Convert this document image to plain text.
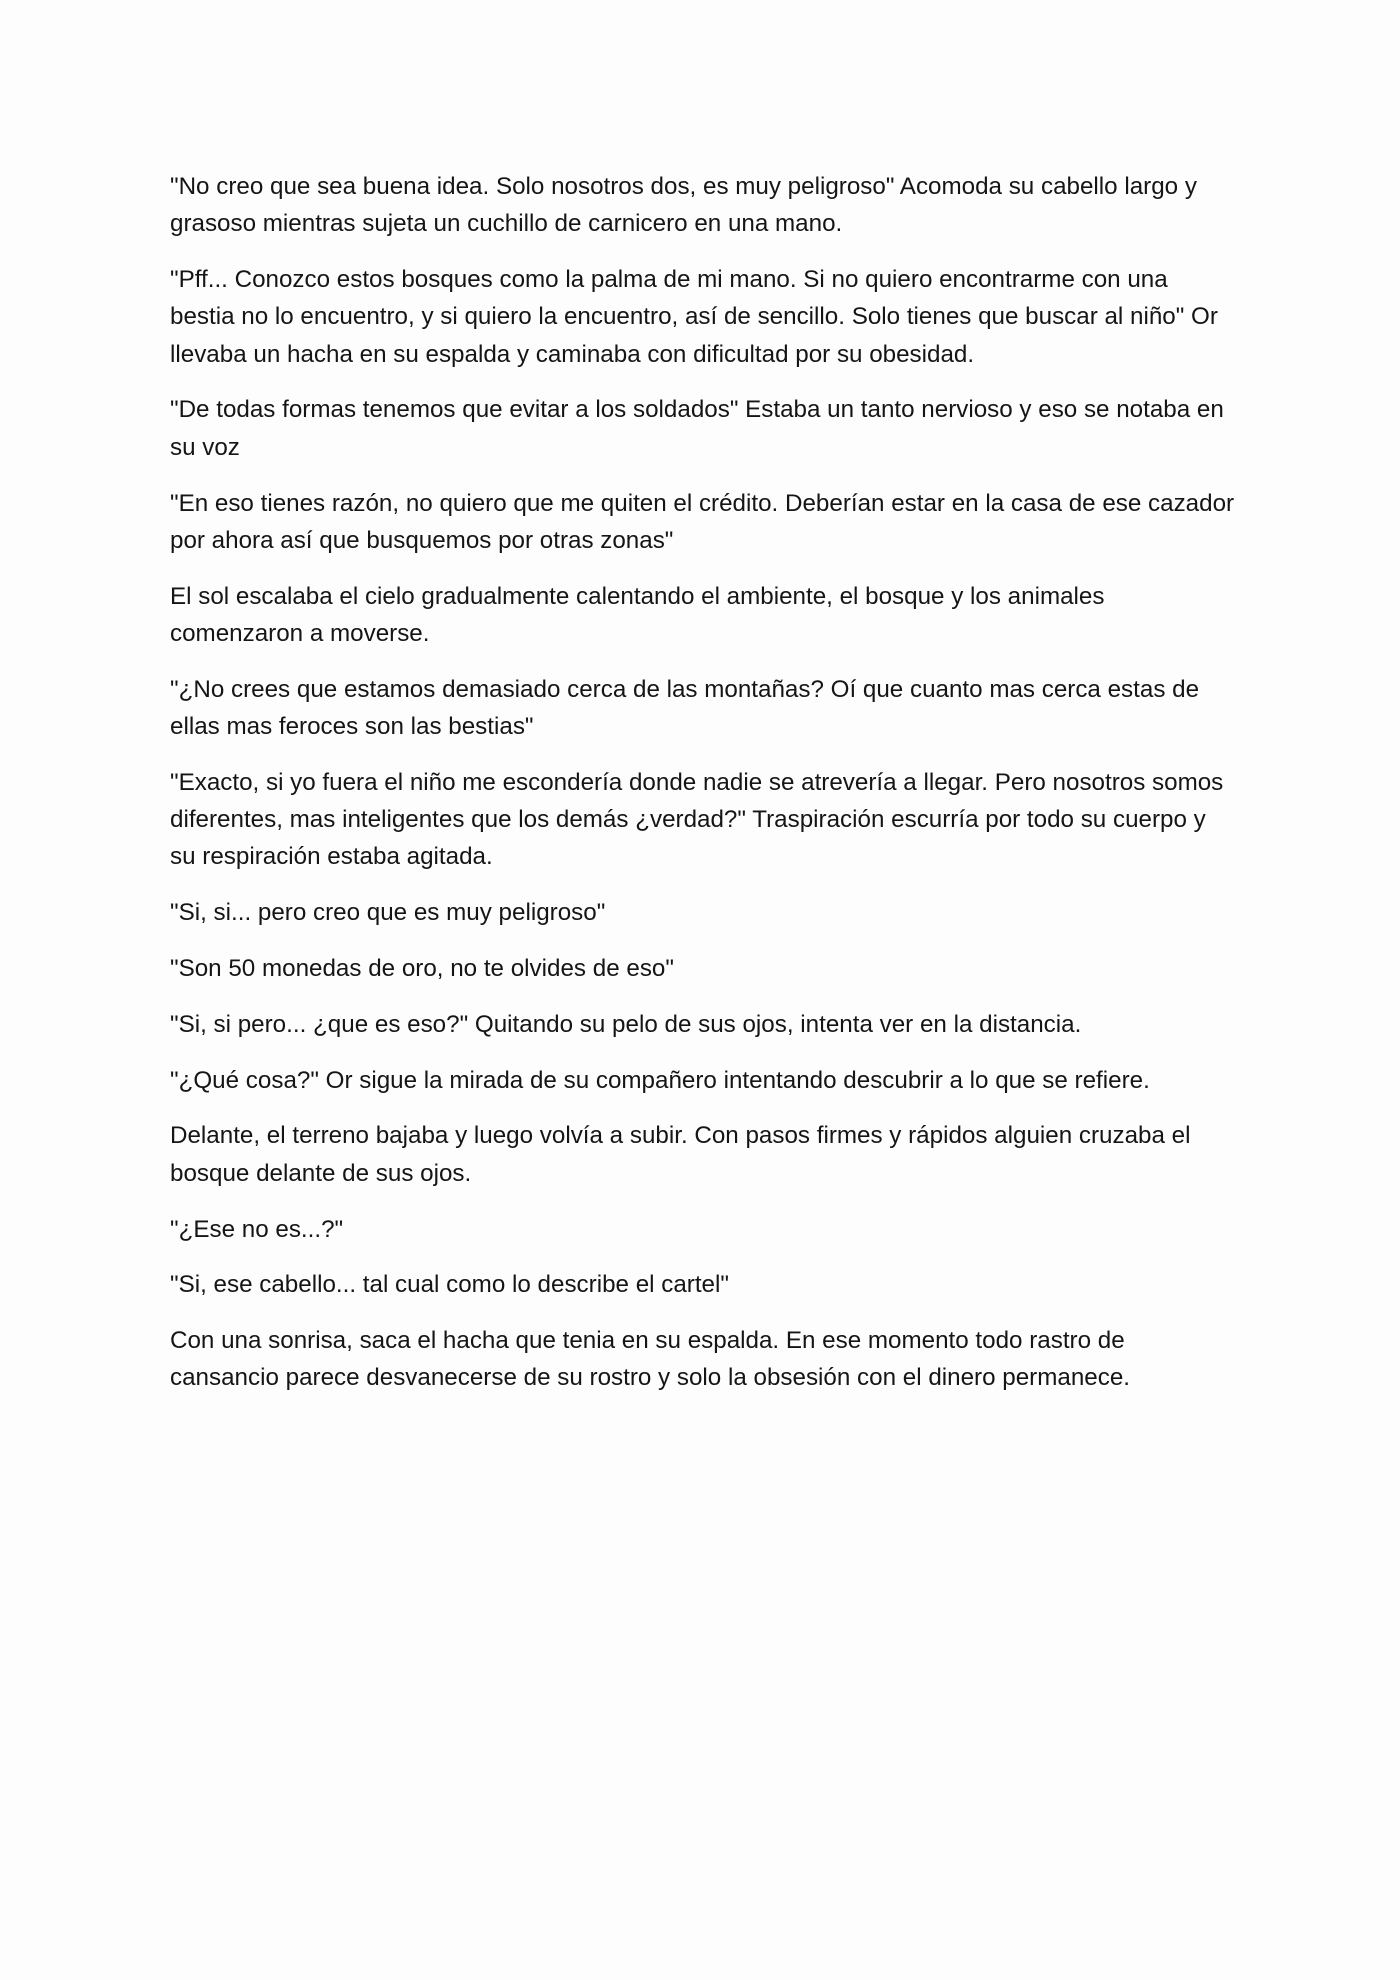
"No creo que sea buena idea. Solo nosotros dos, es muy peligroso" Acomoda su cabello largo y grasoso mientras sujeta un cuchillo de carnicero en una mano.

"Pff... Conozco estos bosques como la palma de mi mano. Si no quiero encontrarme con una bestia no lo encuentro, y si quiero la encuentro, así de sencillo. Solo tienes que buscar al niño" Or llevaba un hacha en su espalda y caminaba con dificultad por su obesidad.

"De todas formas tenemos que evitar a los soldados" Estaba un tanto nervioso y eso se notaba en su voz

"En eso tienes razón, no quiero que me quiten el crédito. Deberían estar en la casa de ese cazador por ahora así que busquemos por otras zonas"

El sol escalaba el cielo gradualmente calentando el ambiente, el bosque y los animales comenzaron a moverse.

"¿No crees que estamos demasiado cerca de las montañas? Oí que cuanto mas cerca estas de ellas mas feroces son las bestias"

"Exacto, si yo fuera el niño me escondería donde nadie se atrevería a llegar. Pero nosotros somos diferentes, mas inteligentes que los demás ¿verdad?" Traspiración escurría por todo su cuerpo y su respiración estaba agitada.

"Si, si... pero creo que es muy peligroso"

"Son 50 monedas de oro, no te olvides de eso"

"Si, si pero... ¿que es eso?" Quitando su pelo de sus ojos, intenta ver en la distancia.

"¿Qué cosa?" Or sigue la mirada de su compañero intentando descubrir a lo que se refiere.

Delante, el terreno bajaba y luego volvía a subir. Con pasos firmes y rápidos alguien cruzaba el bosque delante de sus ojos.

"¿Ese no es...?"

"Si, ese cabello... tal cual como lo describe el cartel"

Con una sonrisa, saca el hacha que tenia en su espalda. En ese momento todo rastro de cansancio parece desvanecerse de su rostro y solo la obsesión con el dinero permanece.
